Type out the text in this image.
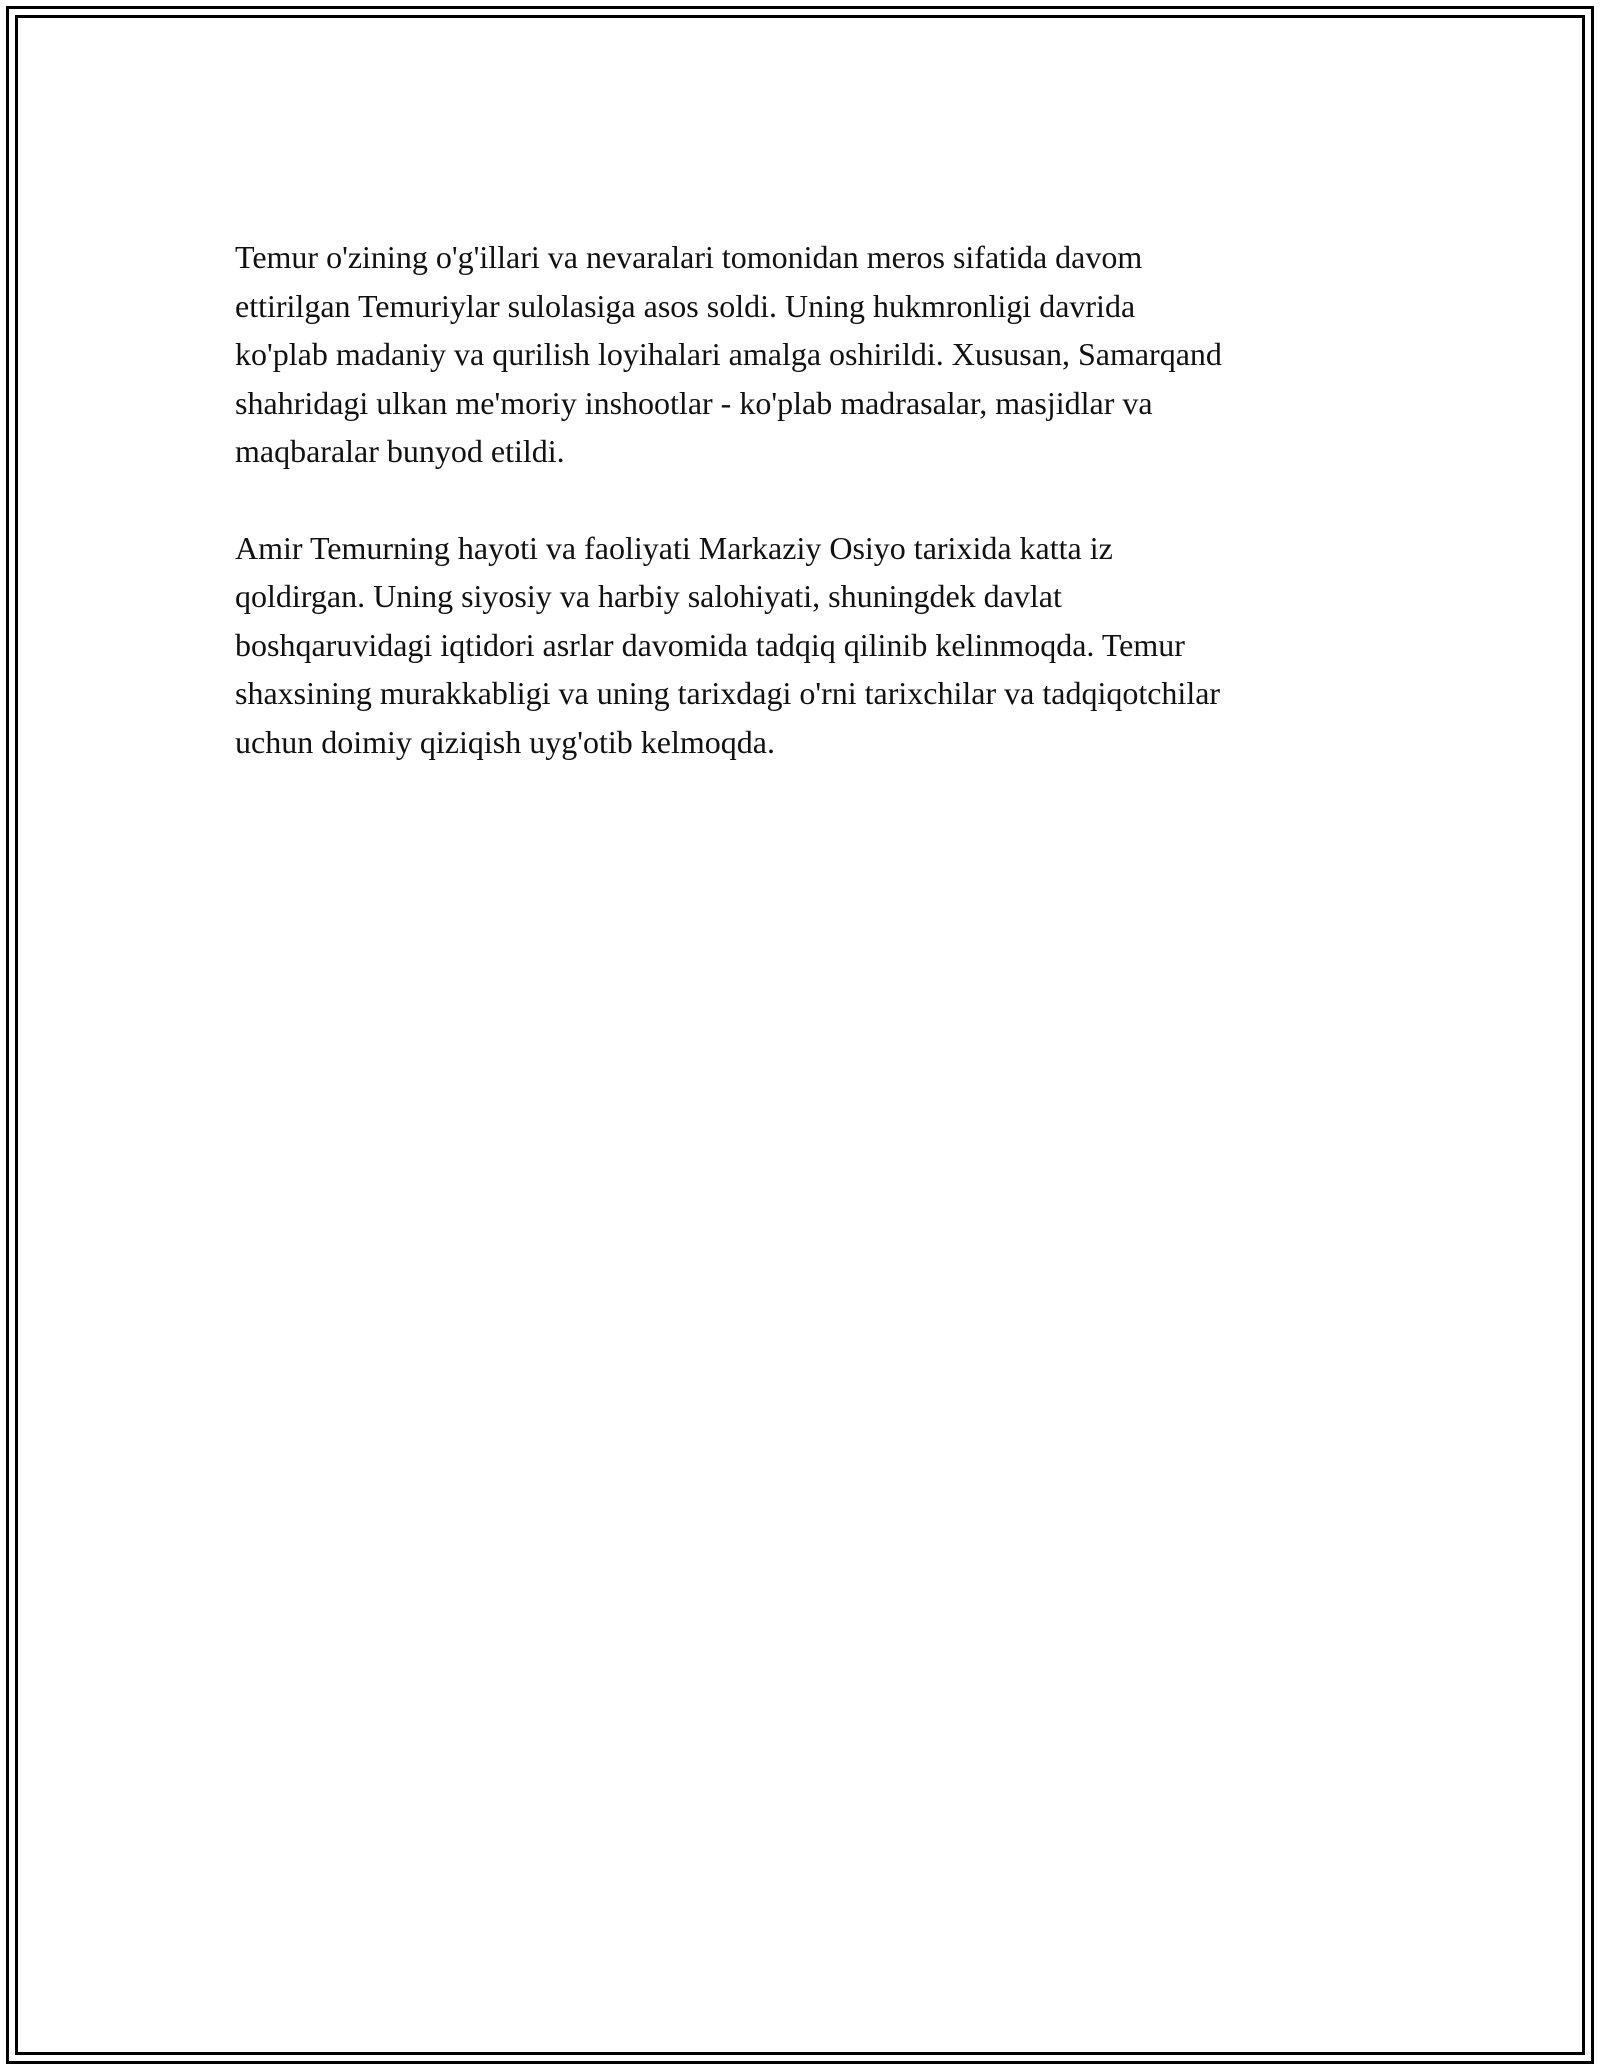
Temur o'zining o'g'illari va nevaralari tomonidan meros sifatida davom
ettirilgan Temuriylar sulolasiga asos soldi. Uning hukmronligi davrida
ko'plab madaniy va qurilish loyihalari amalga oshirildi. Xususan, Samarqand
shahridagi ulkan me'moriy inshootlar - ko'plab madrasalar, masjidlar va
maqbaralar bunyod etildi.

Amir Temurning hayoti va faoliyati Markaziy Osiyo tarixida katta iz
qoldirgan. Uning siyosiy va harbiy salohiyati, shuningdek davlat
boshqaruvidagi iqtidori asrlar davomida tadqiq qilinib kelinmoqda. Temur
shaxsining murakkabligi va uning tarixdagi o'rni tarixchilar va tadqiqotchilar
uchun doimiy qiziqish uyg'otib kelmoqda.
